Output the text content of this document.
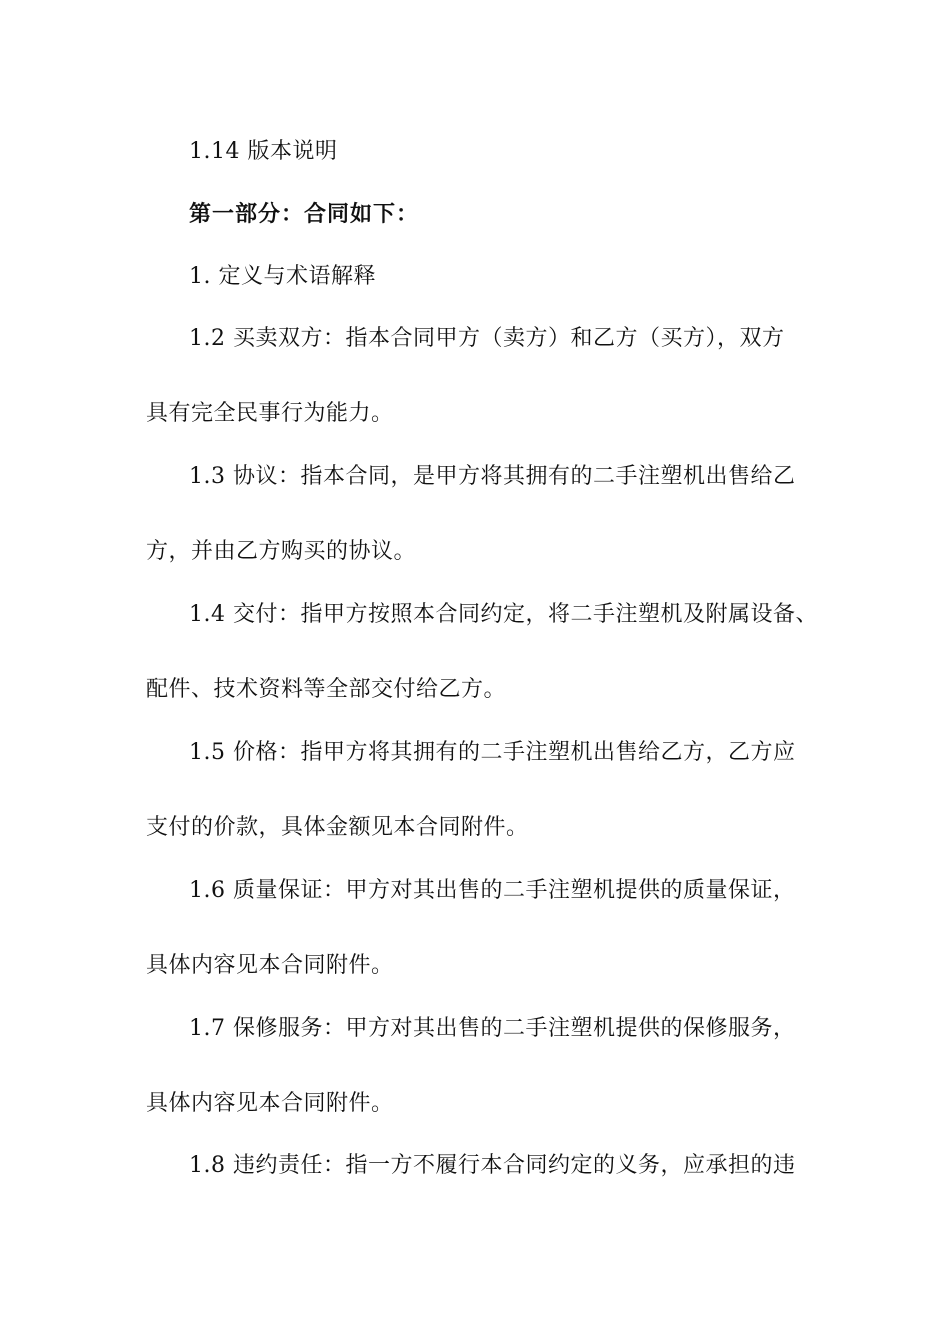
1.14 版本说明
第一部分：合同如下：
1. 定义与术语解释
1.2 买卖双方：指本合同甲方（卖方）和乙方（买方），双方
具有完全民事行为能力。
1.3 协议：指本合同，是甲方将其拥有的二手注塑机出售给乙
方，并由乙方购买的协议。
1.4 交付：指甲方按照本合同约定，将二手注塑机及附属设备、
配件、技术资料等全部交付给乙方。
1.5 价格：指甲方将其拥有的二手注塑机出售给乙方，乙方应
支付的价款，具体金额见本合同附件。
1.6 质量保证：甲方对其出售的二手注塑机提供的质量保证，
具体内容见本合同附件。
1.7 保修服务：甲方对其出售的二手注塑机提供的保修服务，
具体内容见本合同附件。
1.8 违约责任：指一方不履行本合同约定的义务，应承担的违
